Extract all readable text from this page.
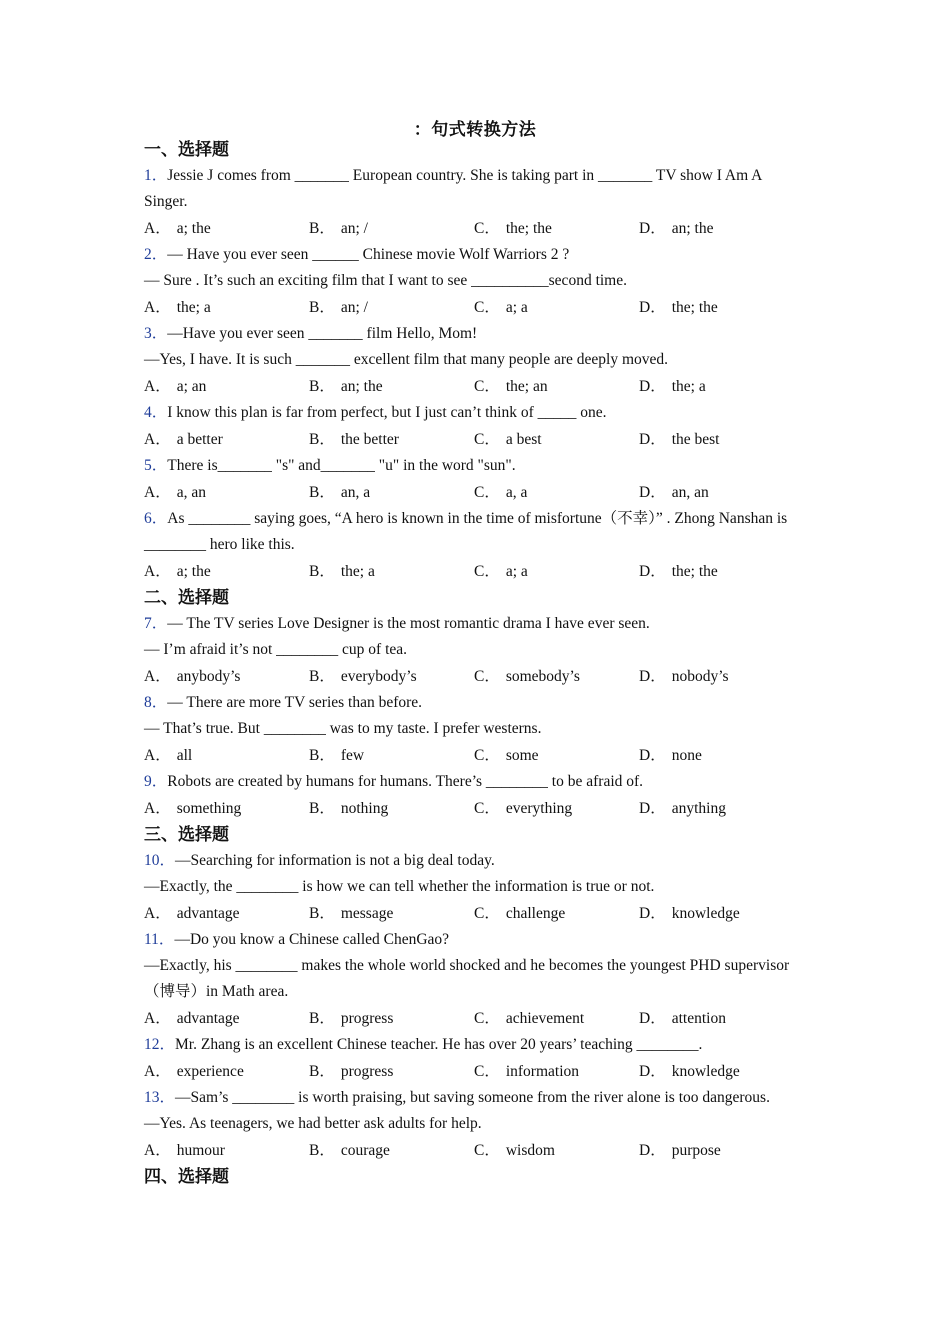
：句式转换方法
一、选择题
1．Jessie J comes from _______ European country. She is taking part in _______ TV show I Am A Singer.
A． a; the	B． an; /	C． the; the	D． an; the
2．— Have you ever seen ______ Chinese movie Wolf Warriors 2 ?
— Sure . It’s such an exciting film that I want to see __________second time.
A． the; a	B． an; /	C． a; a	D． the; the
3．—Have you ever seen _______ film Hello, Mom!
—Yes, I have. It is such _______ excellent film that many people are deeply moved.
A． a; an	B． an; the	C． the; an	D． the; a
4．I know this plan is far from perfect, but I just can’t think of _____ one.
A． a better	B． the better	C． a best	D． the best
5．There is_______ "s" and_______ "u" in the word "sun".
A． a, an	B． an, a	C． a, a	D． an, an
6．As ________ saying goes, “A hero is known in the time of misfortune（不幸）” . Zhong Nanshan is ________ hero like this.
A． a; the	B． the; a	C． a; a	D． the; the
二、选择题
7．— The TV series Love Designer is the most romantic drama I have ever seen.
— I’m afraid it’s not ________ cup of tea.
A． anybody’s	B． everybody’s	C． somebody’s	D． nobody’s
8．— There are more TV series than before.
— That’s true. But ________ was to my taste. I prefer westerns.
A． all	B． few	C． some	D． none
9．Robots are created by humans for humans. There’s ________ to be afraid of.
A． something	B． nothing	C． everything	D． anything
三、选择题
10．—Searching for information is not a big deal today.
—Exactly, the ________ is how we can tell whether the information is true or not.
A． advantage	B． message	C． challenge	D． knowledge
11．—Do you know a Chinese called ChenGao?
—Exactly, his ________ makes the whole world shocked and he becomes the youngest PHD supervisor（博导）in Math area.
A． advantage	B． progress	C． achievement	D． attention
12．Mr. Zhang is an excellent Chinese teacher. He has over 20 years’ teaching ________.
A． experience	B． progress	C． information	D． knowledge
13．—Sam’s ________ is worth praising, but saving someone from the river alone is too dangerous.
—Yes. As teenagers, we had better ask adults for help.
A． humour	B． courage	C． wisdom	D． purpose
四、选择题
